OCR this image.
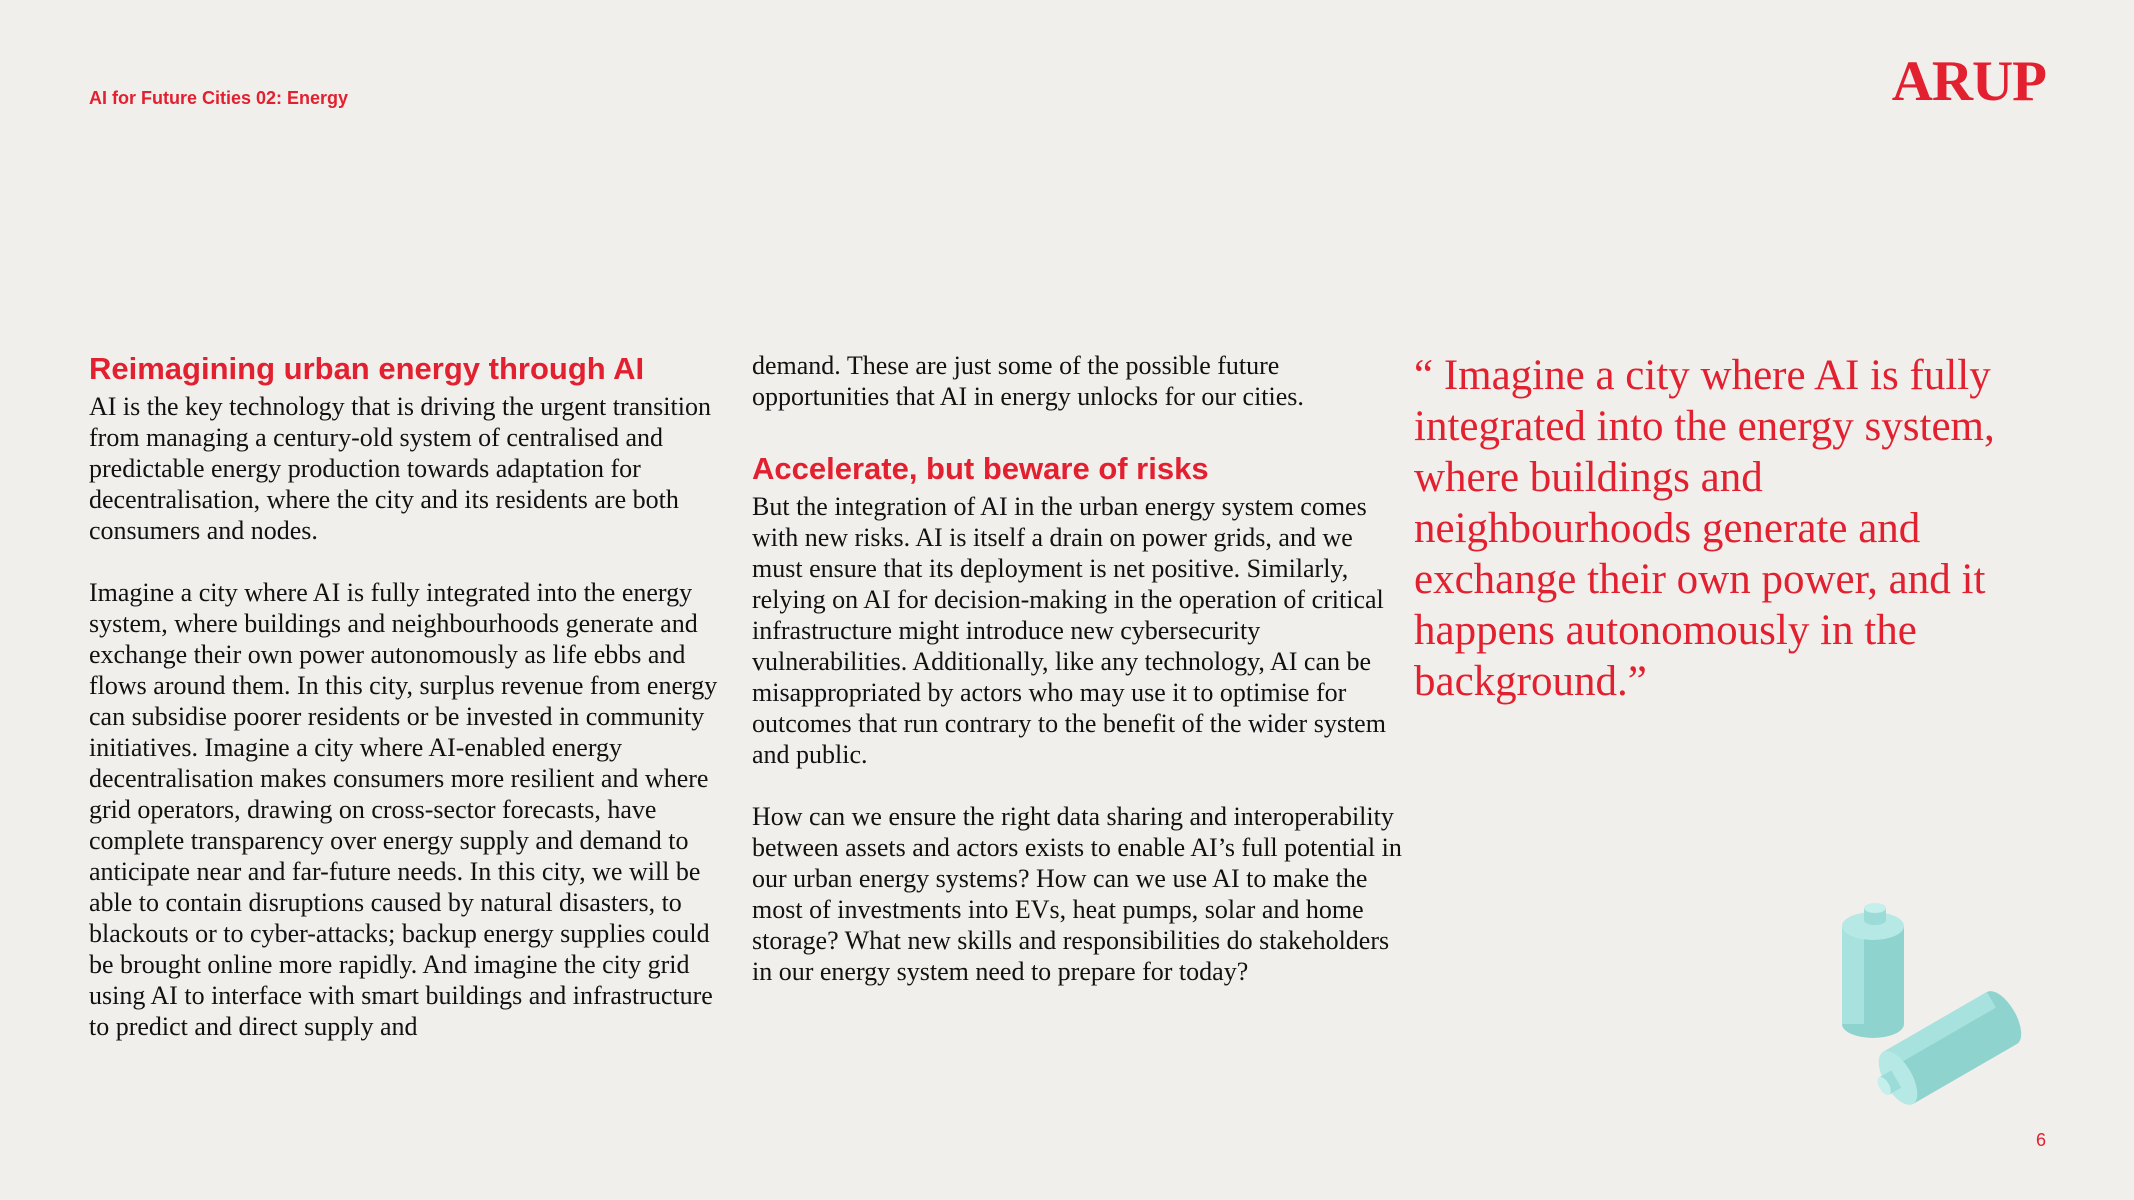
AI for Future Cities 02: Energy	ARUP
Reimagining urban energy through AI

AI is the key technology that is driving the urgent transition from managing a century-old system of centralised and predictable energy production towards adaptation for decentralisation, where the city and its residents are both consumers and nodes.

Imagine a city where AI is fully integrated into the energy system, where buildings and neighbourhoods generate and exchange their own power autonomously as life ebbs and flows around them. In this city, surplus revenue from energy can subsidise poorer residents or be invested in community initiatives. Imagine a city where AI-enabled energy decentralisation makes consumers more resilient and where grid operators, drawing on cross-sector forecasts, have complete transparency over energy supply and demand to anticipate near and far-future needs. In this city, we will be able to contain disruptions caused by natural disasters, to blackouts or to cyber-attacks; backup energy supplies could be brought online more rapidly. And imagine the city grid using AI to interface with smart buildings and infrastructure to predict and direct supply and

demand. These are just some of the possible future opportunities that AI in energy unlocks for our cities.

Accelerate, but beware of risks

But the integration of AI in the urban energy system comes with new risks. AI is itself a drain on power grids, and we must ensure that its deployment is net positive. Similarly, relying on AI for decision-making in the operation of critical infrastructure might introduce new cybersecurity vulnerabilities. Additionally, like any technology, AI can be misappropriated by actors who may use it to optimise for outcomes that run contrary to the benefit of the wider system and public.

How can we ensure the right data sharing and interoperability between assets and actors exists to enable AI’s full potential in our urban energy systems? How can we use AI to make the most of investments into EVs, heat pumps, solar and home storage? What new skills and responsibilities do stakeholders in our energy system need to prepare for today?

“ Imagine a city where AI is fully integrated into the energy system, where buildings and neighbourhoods generate and exchange their own power, and it happens autonomously in the background.”

6
